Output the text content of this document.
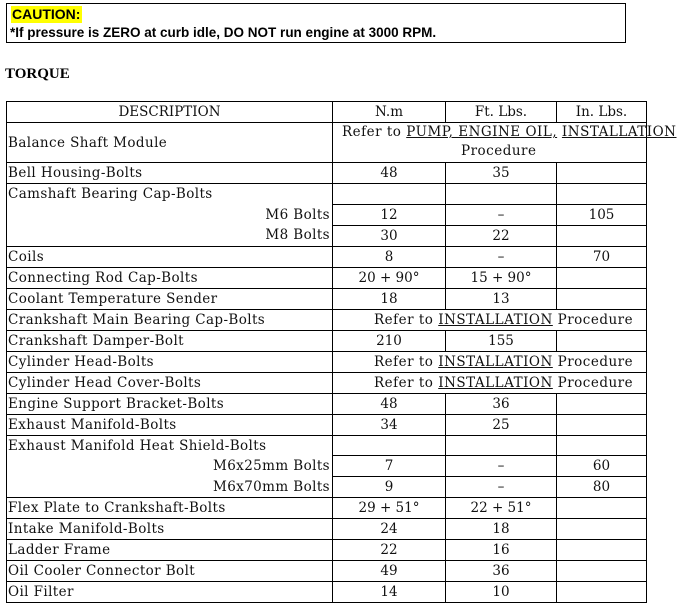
CAUTION:
*If pressure is ZERO at curb idle, DO NOT run engine at 3000 RPM.
TORQUE
DESCRIPTION	N.m	Ft. Lbs.	In. Lbs.
Balance Shaft Module	Refer to PUMP, ENGINE OIL, INSTALLATION
Procedure		

Bell Housing-Bolts	48	35	
Camshaft Bearing Cap-Bolts			
M6 Bolts	12	–	105
M8 Bolts	30	22	
Coils	8	–	70
Connecting Rod Cap-Bolts	20 + 90°	15 + 90°	
Coolant Temperature Sender	18	13	
Crankshaft Main Bearing Cap-Bolts	Refer to INSTALLATION Procedure		
Crankshaft Damper-Bolt	210	155	
Cylinder Head-Bolts	Refer to INSTALLATION Procedure		
Cylinder Head Cover-Bolts	Refer to INSTALLATION Procedure		
Engine Support Bracket-Bolts	48	36	
Exhaust Manifold-Bolts	34	25	
Exhaust Manifold Heat Shield-Bolts			
M6x25mm Bolts	7	–	60
M6x70mm Bolts	9	–	80
Flex Plate to Crankshaft-Bolts	29 + 51°	22 + 51°	
Intake Manifold-Bolts	24	18	
Ladder Frame	22	16	
Oil Cooler Connector Bolt	49	36	
Oil Filter	14	10	
